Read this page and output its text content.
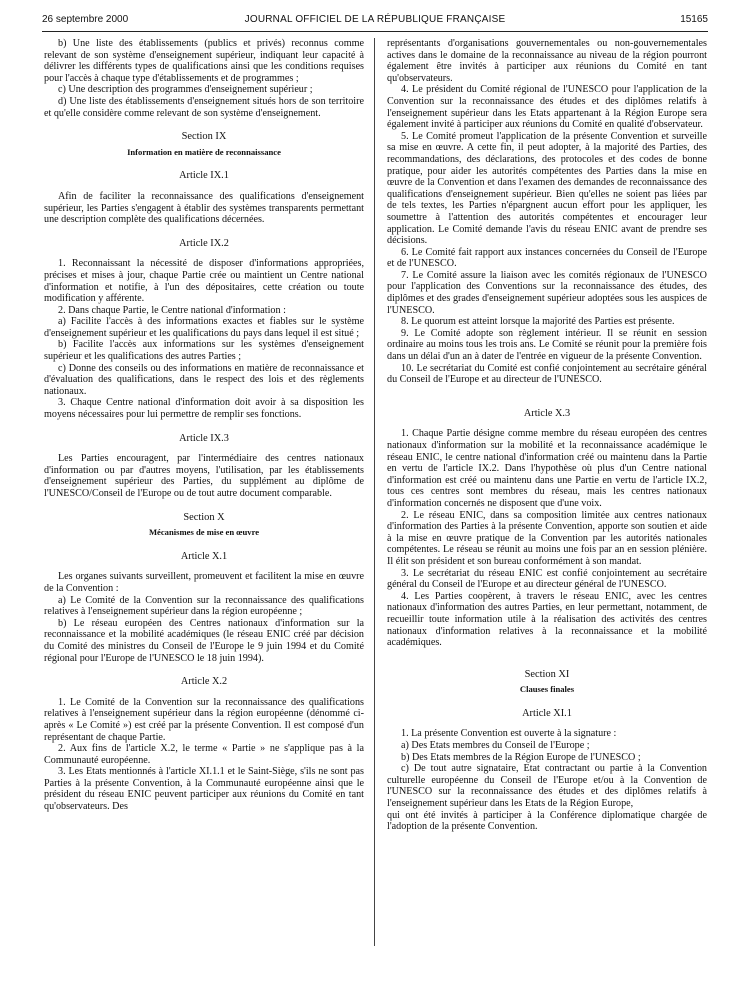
26 septembre 2000	JOURNAL OFFICIEL DE LA RÉPUBLIQUE FRANÇAISE	15165

b) Une liste des établissements (publics et privés) reconnus comme relevant de son système d'enseignement supérieur, indiquant leur capacité à délivrer les différents types de qualifications ainsi que les conditions requises pour l'accès à chaque type d'établissements et de programmes ;

c) Une description des programmes d'enseignement supérieur ;

d) Une liste des établissements d'enseignement situés hors de son territoire et qu'elle considère comme relevant de son système d'enseignement.

Section IX
Information en matière de reconnaissance
Article IX.1

Afin de faciliter la reconnaissance des qualifications d'enseignement supérieur, les Parties s'engagent à établir des systèmes transparents permettant une description complète des qualifications décernées.

Article IX.2

1. Reconnaissant la nécessité de disposer d'informations appropriées, précises et mises à jour, chaque Partie crée ou maintient un Centre national d'information et notifie, à l'un des dépositaires, cette création ou toute modification y afférente.

2. Dans chaque Partie, le Centre national d'information :

a) Facilite l'accès à des informations exactes et fiables sur le système d'enseignement supérieur et les qualifications du pays dans lequel il est situé ;

b) Facilite l'accès aux informations sur les systèmes d'enseignement supérieur et les qualifications des autres Parties ;

c) Donne des conseils ou des informations en matière de reconnaissance et d'évaluation des qualifications, dans le respect des lois et des règlements nationaux.

3. Chaque Centre national d'information doit avoir à sa disposition les moyens nécessaires pour lui permettre de remplir ses fonctions.

Article IX.3

Les Parties encouragent, par l'intermédiaire des centres nationaux d'information ou par d'autres moyens, l'utilisation, par les établissements d'enseignement supérieur des Parties, du supplément au diplôme de l'UNESCO/Conseil de l'Europe ou de tout autre document comparable.

Section X
Mécanismes de mise en œuvre
Article X.1

Les organes suivants surveillent, promeuvent et facilitent la mise en œuvre de la Convention :

a) Le Comité de la Convention sur la reconnaissance des qualifications relatives à l'enseignement supérieur dans la région européenne ;

b) Le réseau européen des Centres nationaux d'information sur la reconnaissance et la mobilité académiques (le réseau ENIC créé par décision du Comité des ministres du Conseil de l'Europe le 9 juin 1994 et du Comité régional pour l'Europe de l'UNESCO le 18 juin 1994).

Article X.2

1. Le Comité de la Convention sur la reconnaissance des qualifications relatives à l'enseignement supérieur dans la région européenne (dénommé ci-après « Le Comité ») est créé par la présente Convention. Il est composé d'un représentant de chaque Partie.

2. Aux fins de l'article X.2, le terme « Partie » ne s'applique pas à la Communauté européenne.

3. Les Etats mentionnés à l'article XI.1.1 et le Saint-Siège, s'ils ne sont pas Parties à la présente Convention, à la Communauté européenne ainsi que le président du réseau ENIC peuvent participer aux réunions du Comité en tant qu'observateurs. Des

représentants d'organisations gouvernementales ou non-gouvernementales actives dans le domaine de la reconnaissance au niveau de la région pourront également être invités à participer aux réunions du Comité en tant qu'observateurs.

4. Le président du Comité régional de l'UNESCO pour l'application de la Convention sur la reconnaissance des études et des diplômes relatifs à l'enseignement supérieur dans les Etats appartenant à la Région Europe sera également invité à participer aux réunions du Comité en qualité d'observateur.

5. Le Comité promeut l'application de la présente Convention et surveille sa mise en œuvre. A cette fin, il peut adopter, à la majorité des Parties, des recommandations, des déclarations, des protocoles et des codes de bonne pratique, pour aider les autorités compétentes des Parties dans la mise en œuvre de la Convention et dans l'examen des demandes de reconnaissance des qualifications d'enseignement supérieur. Bien qu'elles ne soient pas liées par de tels textes, les Parties n'épargnent aucun effort pour les appliquer, les soumettre à l'attention des autorités compétentes et encourager leur application. Le Comité demande l'avis du réseau ENIC avant de prendre ses décisions.

6. Le Comité fait rapport aux instances concernées du Conseil de l'Europe et de l'UNESCO.

7. Le Comité assure la liaison avec les comités régionaux de l'UNESCO pour l'application des Conventions sur la reconnaissance des études, des diplômes et des grades d'enseignement supérieur adoptées sous les auspices de l'UNESCO.

8. Le quorum est atteint lorsque la majorité des Parties est présente.

9. Le Comité adopte son règlement intérieur. Il se réunit en session ordinaire au moins tous les trois ans. Le Comité se réunit pour la première fois dans un délai d'un an à dater de l'entrée en vigueur de la présente Convention.

10. Le secrétariat du Comité est confié conjointement au secrétaire général du Conseil de l'Europe et au directeur de l'UNESCO.

Article X.3

1. Chaque Partie désigne comme membre du réseau européen des centres nationaux d'information sur la mobilité et la reconnaissance académique le réseau ENIC, le centre national d'information créé ou maintenu dans la Partie en vertu de l'article IX.2. Dans l'hypothèse où plus d'un Centre national d'information est créé ou maintenu dans une Partie en vertu de l'article IX.2, tous ces centres sont membres du réseau, mais les centres nationaux d'information concernés ne disposent que d'une voix.

2. Le réseau ENIC, dans sa composition limitée aux centres nationaux d'information des Parties à la présente Convention, apporte son soutien et aide à la mise en œuvre pratique de la Convention par les autorités nationales compétentes. Le réseau se réunit au moins une fois par an en session plénière. Il élit son président et son bureau conformément à son mandat.

3. Le secrétariat du réseau ENIC est confié conjointement au secrétaire général du Conseil de l'Europe et au directeur général de l'UNESCO.

4. Les Parties coopèrent, à travers le réseau ENIC, avec les centres nationaux d'information des autres Parties, en leur permettant, notamment, de recueillir toute information utile à la réalisation des activités des centres nationaux d'information relatives à la reconnaissance et la mobilité académiques.

Section XI
Clauses finales
Article XI.1

1. La présente Convention est ouverte à la signature :

a) Des Etats membres du Conseil de l'Europe ;

b) Des Etats membres de la Région Europe de l'UNESCO ;

c) De tout autre signataire, Etat contractant ou partie à la Convention culturelle européenne du Conseil de l'Europe et/ou à la Convention de l'UNESCO sur la reconnaissance des études et des diplômes relatifs à l'enseignement supérieur dans les Etats de la Région Europe,

qui ont été invités à participer à la Conférence diplomatique chargée de l'adoption de la présente Convention.
